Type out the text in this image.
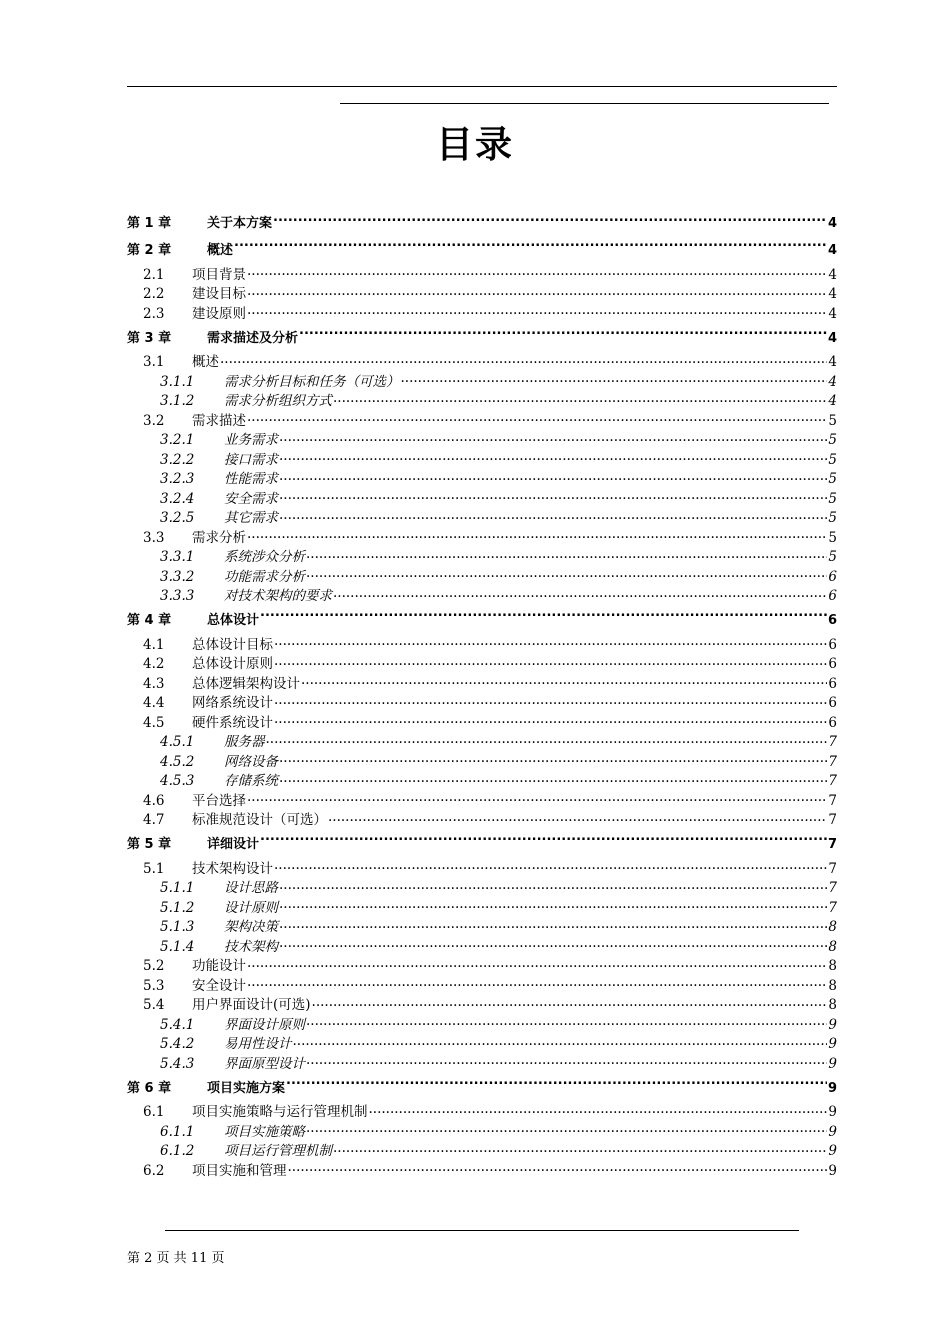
目录
第 1 章	关于本方案 .....	4
第 2 章	概述 .....	4
2.1	项目背景 .....	4
2.2	建设目标 .....	4
2.3	建设原则 .....	4
第 3 章	需求描述及分析 .....	4
3.1	概述 .....	4
3.1.1	需求分析目标和任务（可选） .....	4
3.1.2	需求分析组织方式 .....	4
3.2	需求描述 .....	5
3.2.1	业务需求 .....	5
3.2.2	接口需求 .....	5
3.2.3	性能需求 .....	5
3.2.4	安全需求 .....	5
3.2.5	其它需求 .....	5
3.3	需求分析 .....	5
3.3.1	系统涉众分析 .....	5
3.3.2	功能需求分析 .....	6
3.3.3	对技术架构的要求 .....	6
第 4 章	总体设计 .....	6
4.1	总体设计目标 .....	6
4.2	总体设计原则 .....	6
4.3	总体逻辑架构设计 .....	6
4.4	网络系统设计 .....	6
4.5	硬件系统设计 .....	6
4.5.1	服务器 .....	7
4.5.2	网络设备 .....	7
4.5.3	存储系统 .....	7
4.6	平台选择 .....	7
4.7	标准规范设计（可选） .....	7
第 5 章	详细设计 .....	7
5.1	技术架构设计 .....	7
5.1.1	设计思路 .....	7
5.1.2	设计原则 .....	7
5.1.3	架构决策 .....	8
5.1.4	技术架构 .....	8
5.2	功能设计 .....	8
5.3	安全设计 .....	8
5.4	用户界面设计(可选) .....	8
5.4.1	界面设计原则 .....	9
5.4.2	易用性设计 .....	9
5.4.3	界面原型设计 .....	9
第 6 章	项目实施方案 .....	9
6.1	项目实施策略与运行管理机制 .....	9
6.1.1	项目实施策略 .....	9
6.1.2	项目运行管理机制 .....	9
6.2	项目实施和管理 .....	9
第 2 页 共 11 页
